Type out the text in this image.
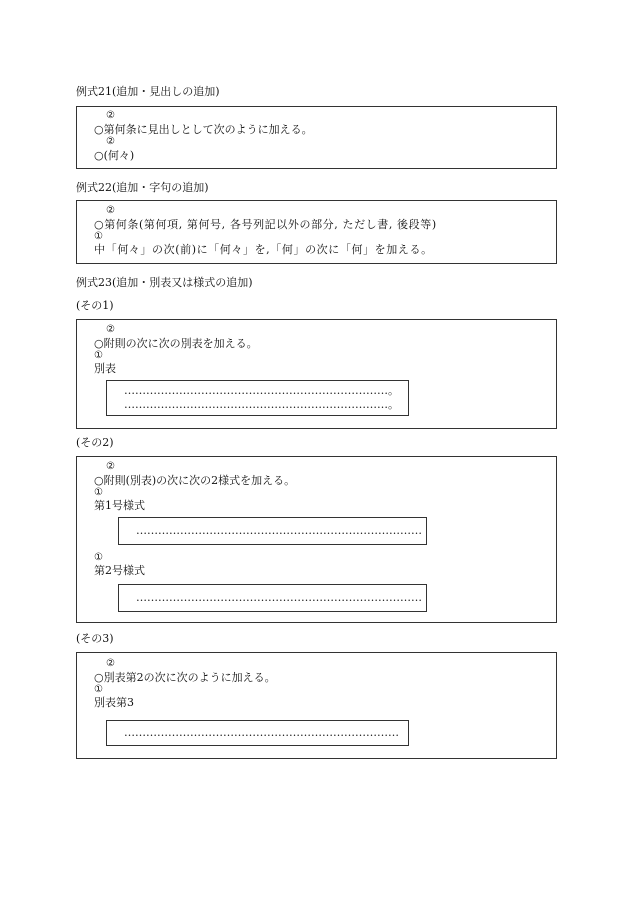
例式21(追加・見出しの追加)
②
○第何条に見出しとして次のように加える。
②
○(何々)
例式22(追加・字句の追加)
②
○第何条(第何項, 第何号, 各号列記以外の部分, ただし書, 後段等)
①
中「何々」の次(前)に「何々」を,「何」の次に「何」を加える。
例式23(追加・別表又は様式の追加)
(その1)
②
○附則の次に次の別表を加える。
①
別表
………………………………………………………………。
………………………………………………………………。
(その2)
②
○附則(別表)の次に次の2様式を加える。
①
第1号様式
……………………………………………………………………
①
第2号様式
……………………………………………………………………
(その3)
②
○別表第2の次に次のように加える。
①
別表第3
…………………………………………………………………
